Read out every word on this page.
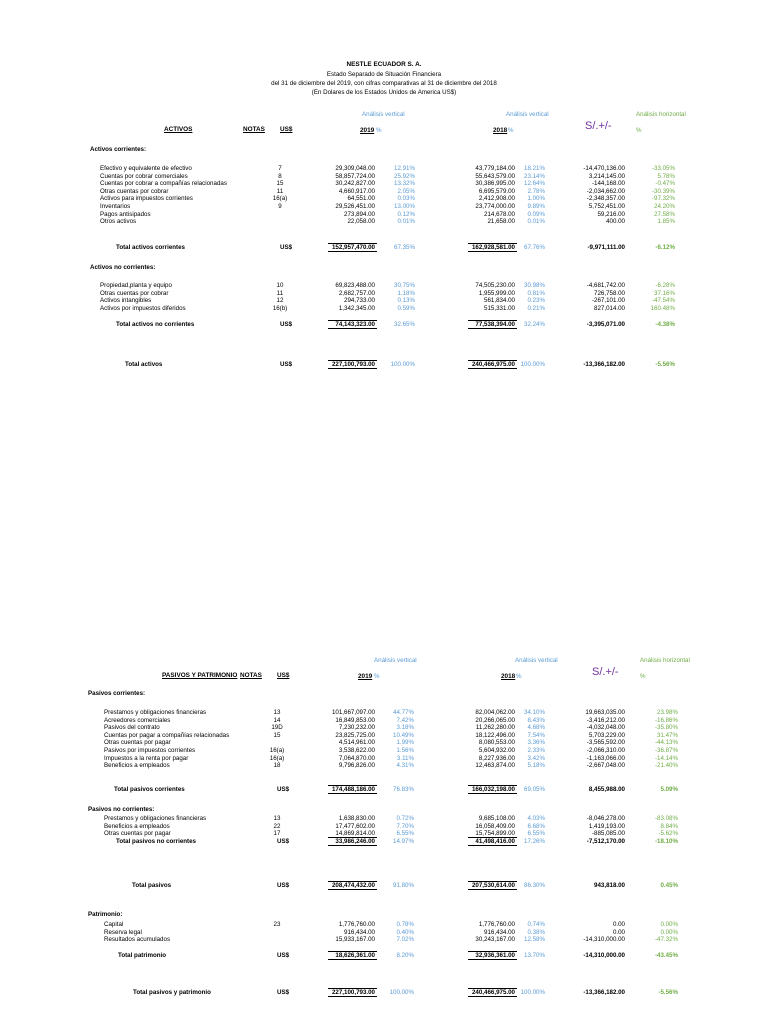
NESTLE ECUADOR S. A.
Estado Separado de Situación Financiera
del 31 de diciembre del 2019, con cifras comparativas al 31 de diciembre del 2018
(En Dolares de los Estados Unidos de America US$)
Análisis vertical	Análisis vertical	Análisis horizontal
ACTIVOS	NOTAS US$	2019 %	2018 %	S/.+/-	%
Activos corrientes:
Efectivo y equivalente de efectivo	7	29,309,048.00	12.91%	43,779,184.00	18.21%	-14,470,136.00	-33.05%
Cuentas por cobrar comerciales	8	58,857,724.00	25.92%	55,643,579.00	23.14%	3,214,145.00	5.78%
Cuentas por cobrar a compañías relacionadas	15	30,242,827.00	13.32%	30,386,995.00	12.64%	-144,168.00	-0.47%
Otras cuentas por cobrar	11	4,660,917.00	2.05%	6,695,579.00	2.78%	-2,034,662.00	-30.39%
Activos para impuestos corrientes	16(a)	64,551.00	0.03%	2,412,908.00	1.00%	-2,348,357.00	-97.32%
Inventarios	9	29,526,451.00	13.00%	23,774,000.00	9.89%	5,752,451.00	24.20%
Pagos antisipados	273,894.00	0.12%	214,678.00	0.09%	59,216.00	27.58%
Otros activos	22,058.00	0.01%	21,658.00	0.01%	400.00	1.85%
Total activos corrientes	US$	152,957,470.00	67.35%	162,928,581.00	67.76%	-9,971,111.00	-6.12%
Activos no corrientes:
Propiedad,planta y equipo	10	69,823,488.00	30.75%	74,505,230.00	30.98%	-4,681,742.00	-6.28%
Otras cuentas por cobrar	11	2,682,757.00	1.18%	1,955,999.00	0.81%	726,758.00	37.16%
Activos intangibles	12	294,733.00	0.13%	561,834.00	0.23%	-267,101.00	-47.54%
Activos por impuestos diferidos	16(b)	1,342,345.00	0.59%	515,331.00	0.21%	827,014.00	160.48%
Total activos no corrientes	US$	74,143,323.00	32.65%	77,538,394.00	32.24%	-3,395,071.00	-4.38%
Total activos	US$	227,100,793.00	100.00%	240,466,975.00 100.00%	-13,366,182.00	-5.56%
Análisis vertical	Análisis vertical	Análisis horizontal
PASIVOS Y PATRIMONIO NOTAS US$	2019 %	2018 %	S/.+/-	%
Pasivos corrientes:
Prestamos y obligaciones financieras	13	101,667,097.00	44.77%	82,004,062.00	34.10%	19,663,035.00	23.98%
Acreedores comerciales	14	16,849,853.00	7.42%	20,266,065.00	8.43%	-3,416,212.00	-16.86%
Pasivos del contrato	19D	7,230,232.00	3.18%	11,262,280.00	4.68%	-4,032,048.00	-35.80%
Cuentas por pagar a compañías relacionadas	15	23,825,725.00	10.49%	18,122,496.00	7.54%	5,703,229.00	31.47%
Otras cuentas por pagar	4,514,961.00	1.99%	8,080,553.00	3.36%	-3,565,592.00	-44.13%
Pasivos por impuestos corrientes	16(a)	3,538,622.00	1.56%	5,604,932.00	2.33%	-2,066,310.00	-36.87%
Impuestos a la renta por pagar	16(a)	7,064,870.00	3.11%	8,227,936.00	3.42%	-1,163,066.00	-14.14%
Beneficios a empleados	18	9,796,826.00	4.31%	12,463,874.00	5.18%	-2,667,048.00	-21.40%
Total pasivos corrientes	US$	174,488,186.00	76.83%	166,032,198.00	69.05%	8,455,988.00	5.09%
Pasivos no corrientes:
Prestamos y obligaciones financieras	13	1,638,830.00	0.72%	9,685,108.00	4.03%	-8,046,278.00	-83.08%
Beneficios a empleados	22	17,477,602.00	7.70%	16,058,409.00	6.68%	1,419,193.00	8.84%
Otras cuentas por pagar	17	14,869,814.00	6.55%	15,754,899.00	6.55%	-885,085.00	-5.62%
Total pasivos no corrientes	US$	33,986,246.00	14.97%	41,498,416.00	17.26%	-7,512,170.00	-18.10%
Total pasivos	US$	208,474,432.00	91.80%	207,530,614.00	86.30%	943,818.00	0.45%
Patrimonio:
Capital	23	1,776,760.00	0.78%	1,776,760.00	0.74%	0.00	0.00%
Reserva legal	916,434.00	0.40%	916,434.00	0.38%	0.00	0.00%
Resultados acumulados	15,933,167.00	7.02%	30,243,167.00	12.58%	-14,310,000.00	-47.32%
Total patrimonio	US$	18,626,361.00	8.20%	32,936,361.00	13.70%	-14,310,000.00	-43.45%
Total pasivos y patrimonio	US$	227,100,793.00	100.00%	240,466,975.00 100.00%	-13,366,182.00	-5.56%
